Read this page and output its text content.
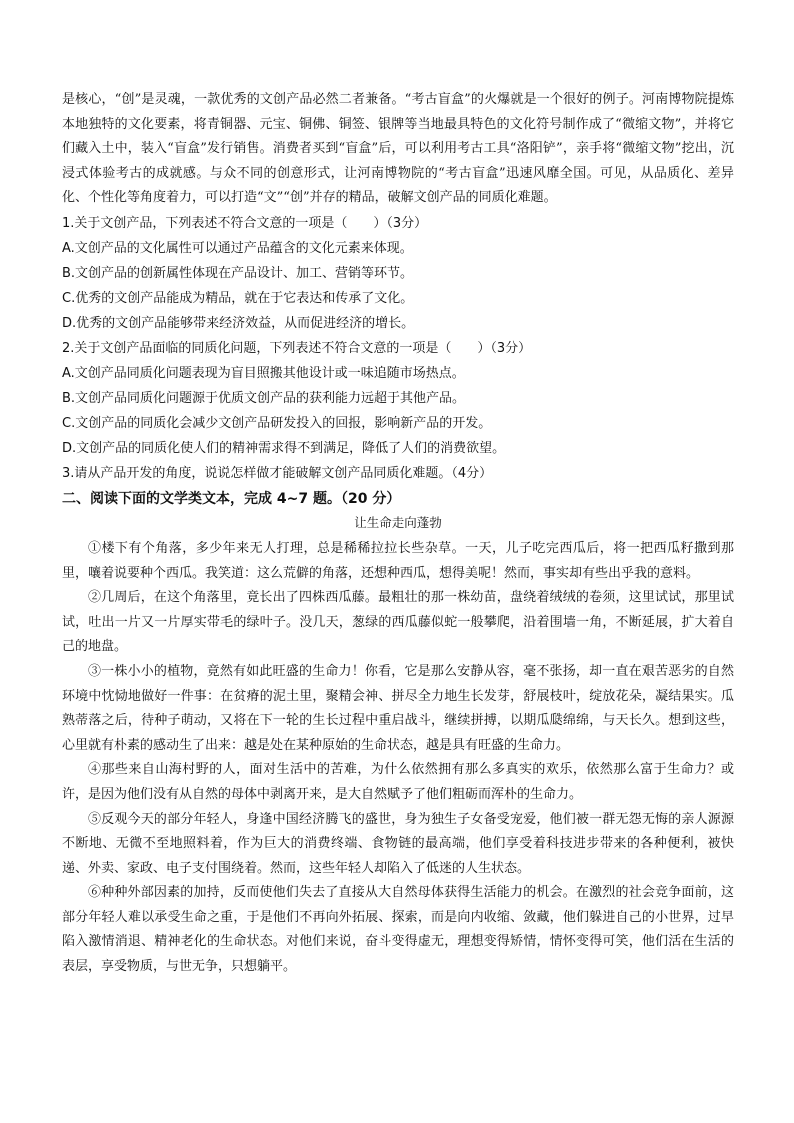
是核心，“创”是灵魂，一款优秀的文创产品必然二者兼备。“考古盲盒”的火爆就是一个很好的例子。河南博物院提炼本地独特的文化要素，将青铜器、元宝、铜佛、铜签、银牌等当地最具特色的文化符号制作成了“微缩文物”，并将它们藏入土中，装入“盲盒”发行销售。消费者买到“盲盒”后，可以利用考古工具“洛阳铲”，亲手将“微缩文物”挖出，沉浸式体验考古的成就感。与众不同的创意形式，让河南博物院的“考古盲盒”迅速风靡全国。可见，从品质化、差异化、个性化等角度着力，可以打造“文”“创”并存的精品，破解文创产品的同质化难题。

1.关于文创产品，下列表述不符合文意的一项是（　　）（3分）

A.文创产品的文化属性可以通过产品蕴含的文化元素来体现。

B.文创产品的创新属性体现在产品设计、加工、营销等环节。

C.优秀的文创产品能成为精品，就在于它表达和传承了文化。

D.优秀的文创产品能够带来经济效益，从而促进经济的增长。

2.关于文创产品面临的同质化问题，下列表述不符合文意的一项是（　　）（3分）

A.文创产品同质化问题表现为盲目照搬其他设计或一味追随市场热点。

B.文创产品同质化问题源于优质文创产品的获利能力远超于其他产品。

C.文创产品的同质化会减少文创产品研发投入的回报，影响新产品的开发。

D.文创产品的同质化使人们的精神需求得不到满足，降低了人们的消费欲望。

3.请从产品开发的角度，说说怎样做才能破解文创产品同质化难题。（4分）

二、阅读下面的文学类文本，完成 4~7 题。（20 分）
让生命走向蓬勃

①楼下有个角落，多少年来无人打理，总是稀稀拉拉长些杂草。一天，儿子吃完西瓜后，将一把西瓜籽撒到那里，嚷着说要种个西瓜。我笑道：这么荒僻的角落，还想种西瓜，想得美呢！然而，事实却有些出乎我的意料。

②几周后，在这个角落里，竟长出了四株西瓜藤。最粗壮的那一株幼苗，盘绕着绒绒的卷须，这里试试，那里试试，吐出一片又一片厚实带毛的绿叶子。没几天，葱绿的西瓜藤似蛇一般攀爬，沿着围墙一角，不断延展，扩大着自己的地盘。

③一株小小的植物，竟然有如此旺盛的生命力！你看，它是那么安静从容，毫不张扬，却一直在艰苦恶劣的自然环境中忱恸地做好一件事：在贫瘠的泥土里，聚精会神、拼尽全力地生长发芽，舒展枝叶，绽放花朵，凝结果实。瓜熟蒂落之后，待种子萌动，又将在下一轮的生长过程中重启战斗，继续拼搏，以期瓜瓞绵绵，与天长久。想到这些，心里就有朴素的感动生了出来：越是处在某种原始的生命状态，越是具有旺盛的生命力。

④那些来自山海村野的人，面对生活中的苦难，为什么依然拥有那么多真实的欢乐，依然那么富于生命力？或许，是因为他们没有从自然的母体中剥离开来，是大自然赋予了他们粗砺而浑朴的生命力。

⑤反观今天的部分年轻人，身逢中国经济腾飞的盛世，身为独生子女备受宠爱，他们被一群无怨无悔的亲人源源不断地、无微不至地照料着，作为巨大的消费终端、食物链的最高端，他们享受着科技进步带来的各种便利，被快递、外卖、家政、电子支付围绕着。然而，这些年轻人却陷入了低迷的人生状态。

⑥种种外部因素的加持，反而使他们失去了直接从大自然母体获得生活能力的机会。在激烈的社会竞争面前，这部分年轻人难以承受生命之重，于是他们不再向外拓展、探索，而是向内收缩、敛藏，他们躲进自己的小世界，过早陷入激情消退、精神老化的生命状态。对他们来说，奋斗变得虚无，理想变得矫情，情怀变得可笑，他们活在生活的表层，享受物质，与世无争，只想躺平。
